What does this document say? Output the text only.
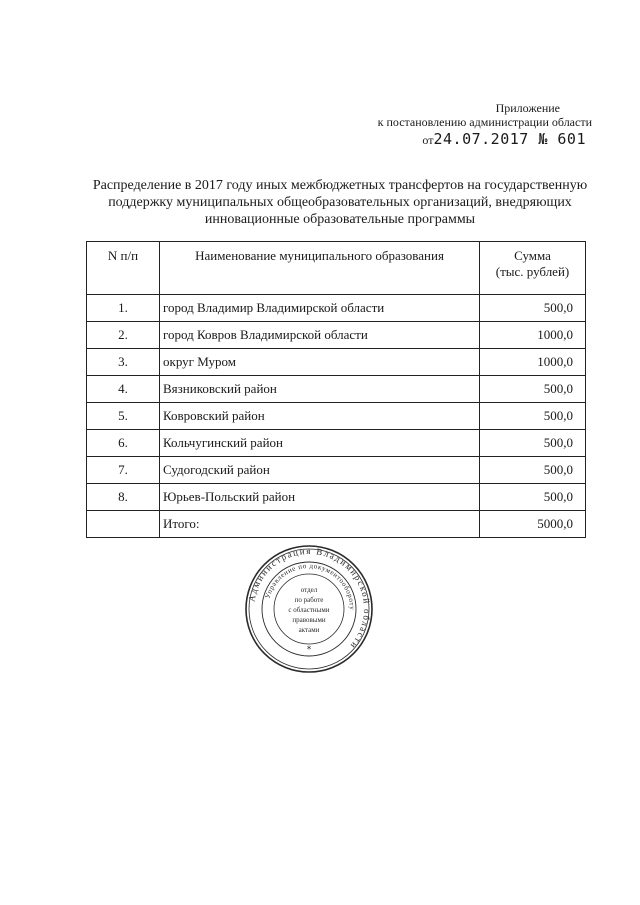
Приложение
к постановлению администрации области
от24.07.2017 № 601
Распределение в 2017 году иных межбюджетных трансфертов на государственную поддержку муниципальных общеобразовательных организаций, внедряющих инновационные образовательные программы
N п/п	Наименование муниципального образования	Сумма
(тыс. рублей)
1.	город Владимир Владимирской области	500,0
2.	город Ковров Владимирской области	1000,0
3.	округ Муром	1000,0
4.	Вязниковский район	500,0
5.	Ковровский район	500,0
6.	Кольчугинский район	500,0
7.	Судогодский район	500,0
8.	Юрьев-Польский район	500,0
	Итого:	5000,0
Администрация Владимирской области
Управление по документообороту
отдел
по работе
с областными
правовыми
актами
*
